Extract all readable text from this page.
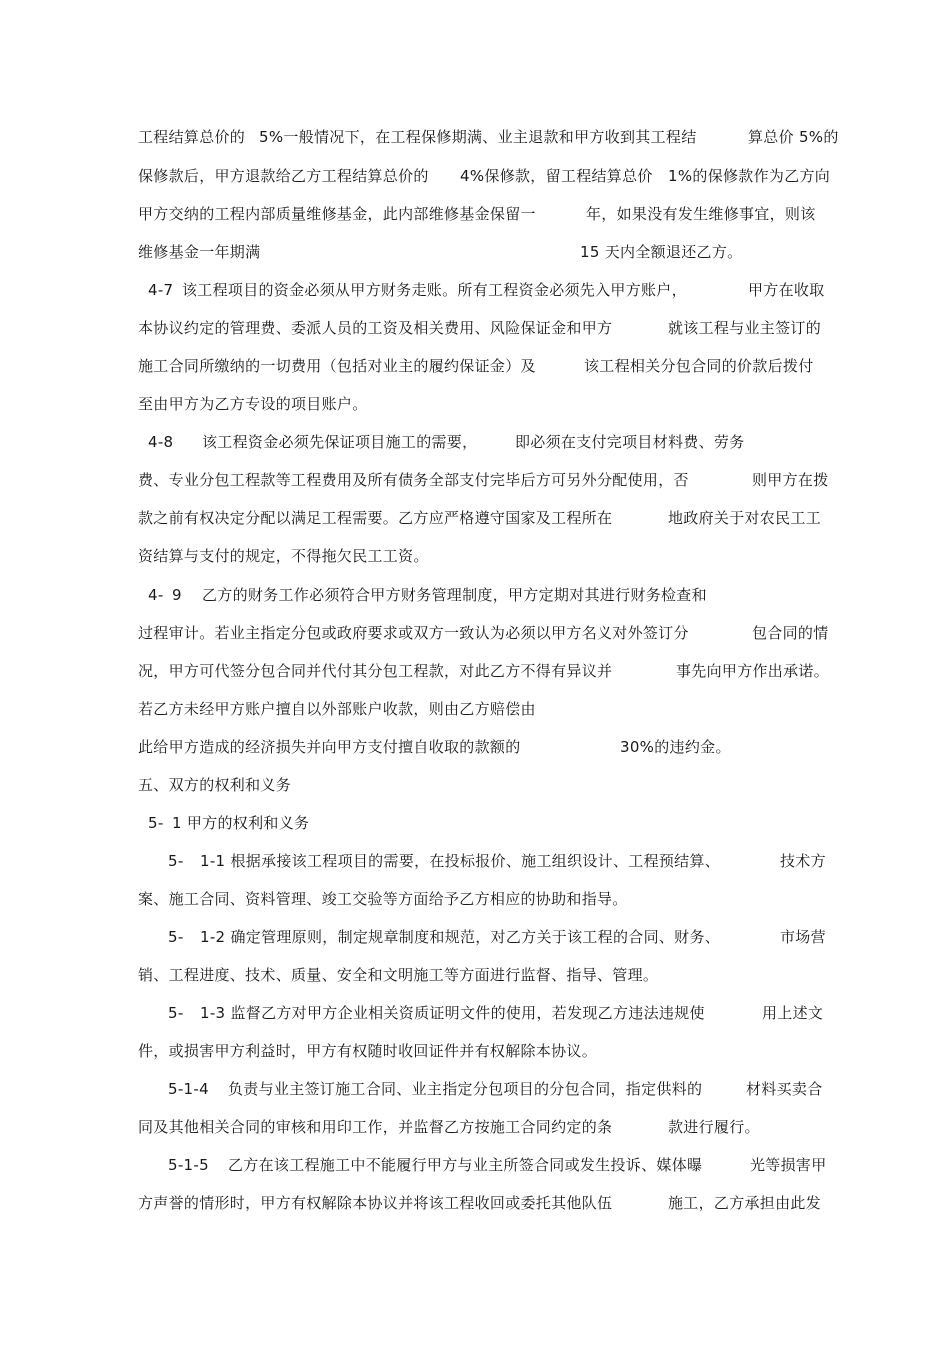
工程结算总价的 5%一般情况下，在工程保修期满、业主退款和甲方收到其工程结	算总价 5%的
保修款后，甲方退款给乙方工程结算总价的 4%保修款，留工程结算总价 1%的保修款作为乙方向
甲方交纳的工程内部质量维修基金，此内部维修基金保留一	年，如果没有发生维修事宜，则该
维修基金一年期满	15 天内全额退还乙方。
4-7 该工程项目的资金必须从甲方财务走账。所有工程资金必须先入甲方账户，	甲方在收取
本协议约定的管理费、委派人员的工资及相关费用、风险保证金和甲方	就该工程与业主签订的
施工合同所缴纳的一切费用（包括对业主的履约保证金）及	该工程相关分包合同的价款后拨付
至由甲方为乙方专设的项目账户。
4-8 该工程资金必须先保证项目施工的需要，	即必须在支付完项目材料费、劳务
费、专业分包工程款等工程费用及所有债务全部支付完毕后方可另外分配使用，否	则甲方在拨
款之前有权决定分配以满足工程需要。乙方应严格遵守国家及工程所在	地政府关于对农民工工
资结算与支付的规定，不得拖欠民工工资。
4- 9 乙方的财务工作必须符合甲方财务管理制度，甲方定期对其进行财务检查和
过程审计。若业主指定分包或政府要求或双方一致认为必须以甲方名义对外签订分	包合同的情
况，甲方可代签分包合同并代付其分包工程款，对此乙方不得有异议并	事先向甲方作出承诺。
若乙方未经甲方账户擅自以外部账户收款，则由乙方赔偿由
此给甲方造成的经济损失并向甲方支付擅自收取的款额的	30%的违约金。
五、双方的权利和义务
5- 1 甲方的权利和义务
5- 1-1 根据承接该工程项目的需要，在投标报价、施工组织设计、工程预结算、	技术方
案、施工合同、资料管理、竣工交验等方面给予乙方相应的协助和指导。
5- 1-2 确定管理原则，制定规章制度和规范，对乙方关于该工程的合同、财务、	市场营
销、工程进度、技术、质量、安全和文明施工等方面进行监督、指导、管理。
5- 1-3 监督乙方对甲方企业相关资质证明文件的使用，若发现乙方违法违规使	用上述文
件，或损害甲方利益时，甲方有权随时收回证件并有权解除本协议。
5-1-4 负责与业主签订施工合同、业主指定分包项目的分包合同，指定供料的	材料买卖合
同及其他相关合同的审核和用印工作，并监督乙方按施工合同约定的条	款进行履行。
5-1-5 乙方在该工程施工中不能履行甲方与业主所签合同或发生投诉、媒体曝	光等损害甲
方声誉的情形时，甲方有权解除本协议并将该工程收回或委托其他队伍	施工，乙方承担由此发
